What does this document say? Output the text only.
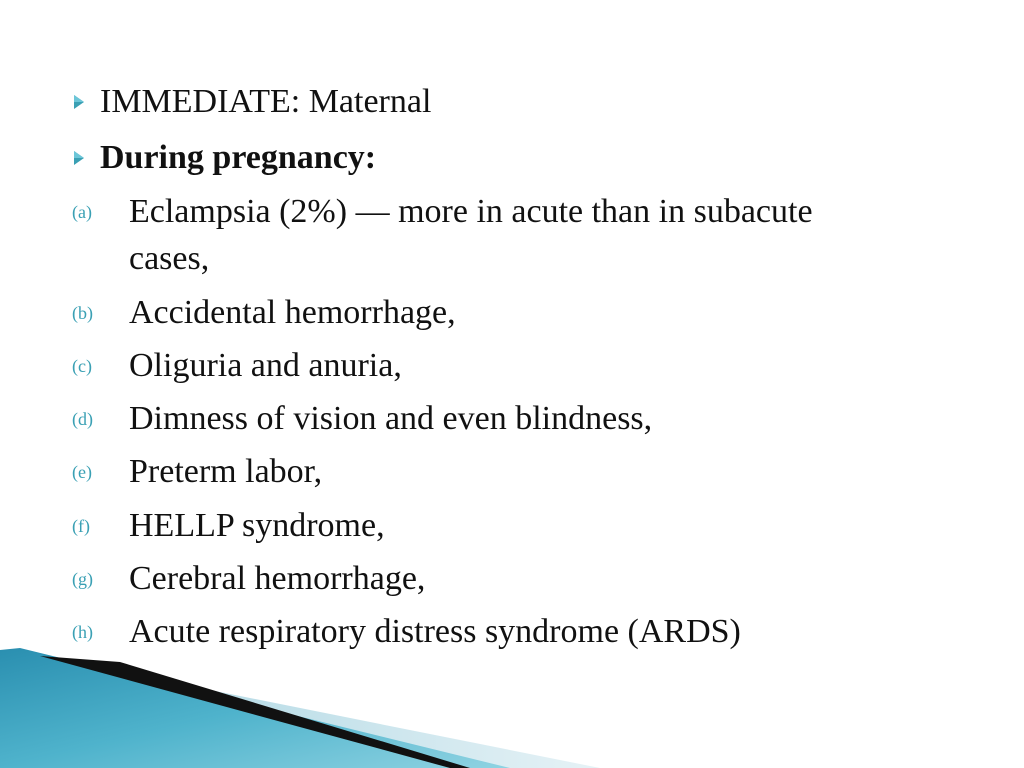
IMMEDIATE: Maternal
During pregnancy:
(a) Eclampsia (2%) — more in acute than in subacute
cases,
(b) Accidental hemorrhage,
(c) Oliguria and anuria,
(d) Dimness of vision and even blindness,
(e) Preterm labor,
(f) HELLP syndrome,
(g) Cerebral hemorrhage,
(h) Acute respiratory distress syndrome (ARDS)
